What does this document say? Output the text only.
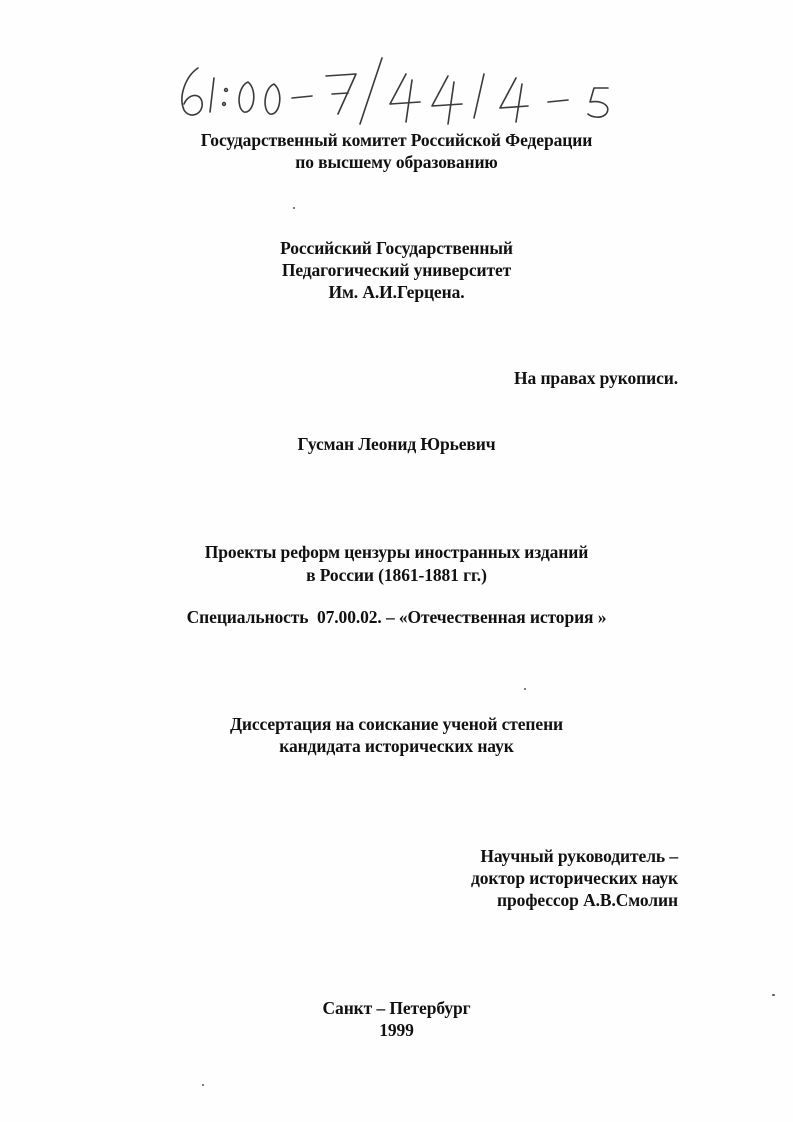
Государственный комитет Российской Федерации
по высшему образованию
Российский Государственный
Педагогический университет
Им. А.И.Герцена.
На правах рукописи.
Гусман Леонид Юрьевич
Проекты реформ цензуры иностранных изданий
в России (1861-1881 гг.)
Специальность  07.00.02. – «Отечественная история »
Диссертация на соискание ученой степени
кандидата исторических наук
Научный руководитель –
доктор исторических наук
профессор А.В.Смолин
Санкт – Петербург
1999
